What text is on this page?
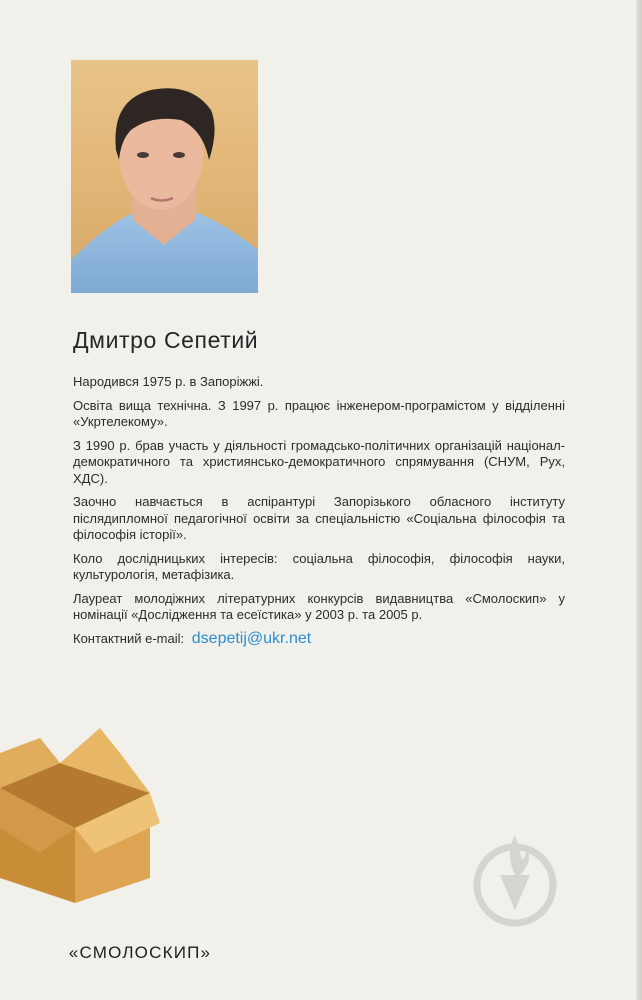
Дмитро Сепетий

Народився 1975 р. в Запоріжжі.

Освіта вища технічна. З 1997 р. працює інженером-програмістом у відділенні «Укртелекому».

З 1990 р. брав участь у діяльності громадсько-політичних організацій націонал-демократичного та християнсько-демократичного спрямування (СНУМ, Рух, ХДС).

Заочно навчається в аспірантурі Запорізького обласного інституту післядипломної педагогічної освіти за спеціальністю «Соціальна філософія та філософія історії».

Коло дослідницьких інтересів: соціальна філософія, філософія науки, культурологія, метафізика.

Лауреат молодіжних літературних конкурсів видавництва «Смолоскип» у номінації «Дослідження та есеїстика» у 2003 р. та 2005 р.

Контактний e-mail: dsepetij@ukr.net
«СМОЛОСКИП»
